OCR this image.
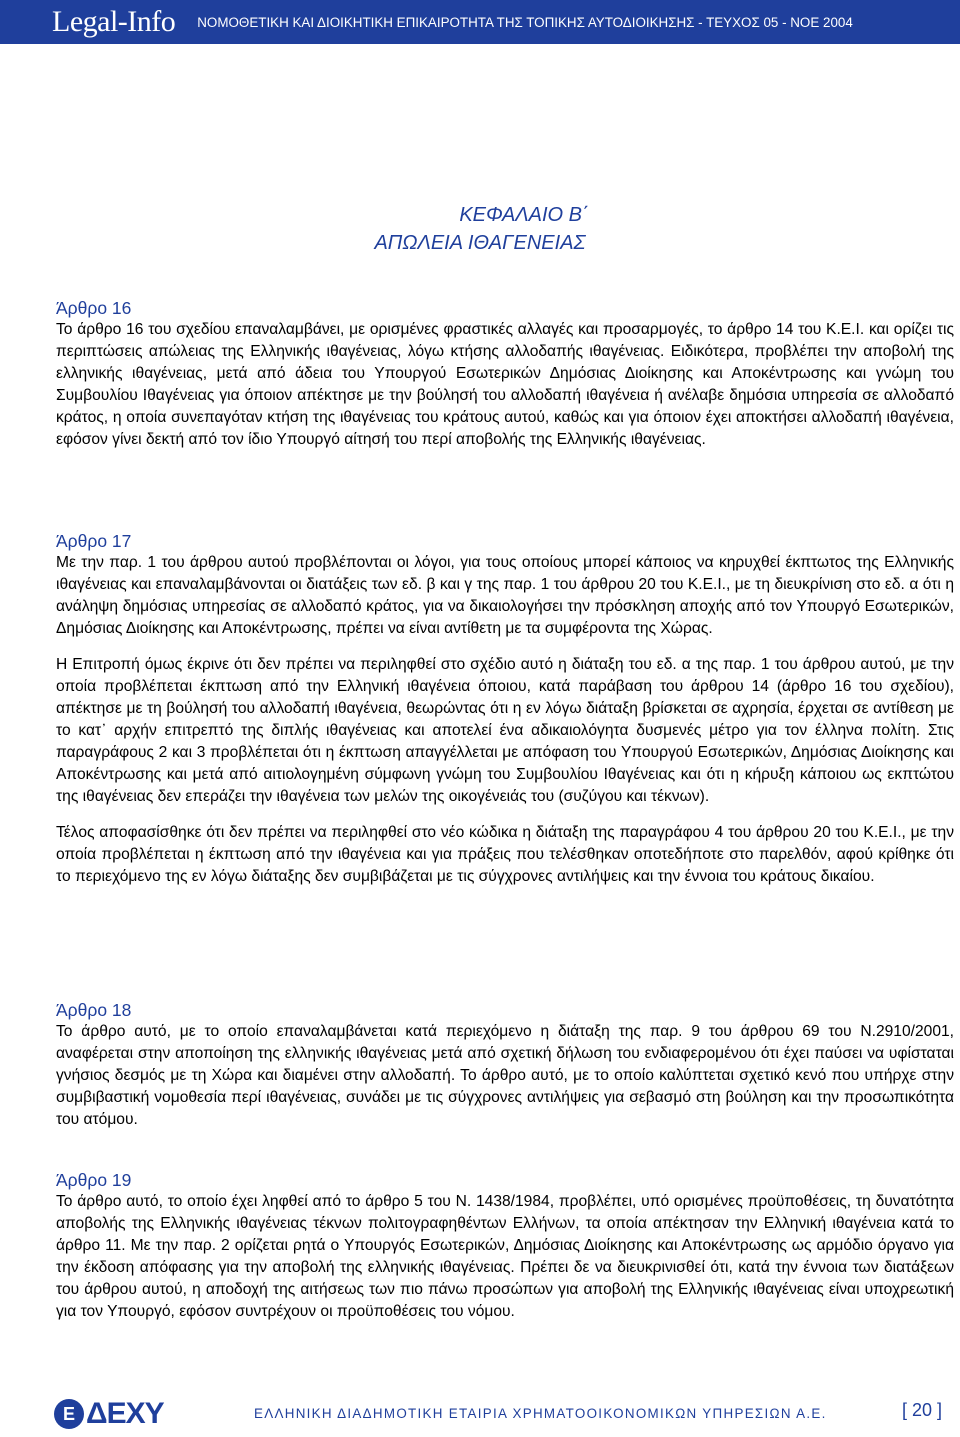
Legal-Info	ΝΟΜΟΘΕΤΙΚΗ ΚΑΙ ΔΙΟΙΚΗΤΙΚΗ ΕΠΙΚΑΙΡΟΤΗΤΑ ΤΗΣ ΤΟΠΙΚΗΣ ΑΥΤΟΔΙΟΙΚΗΣΗΣ - ΤΕΥΧΟΣ 05 - ΝΟΕ 2004
ΚΕΦΑΛΑΙΟ Β΄
ΑΠΩΛΕΙΑ ΙΘΑΓΕΝΕΙΑΣ
Άρθρο 16

Το άρθρο 16 του σχεδίου επαναλαμβάνει, με ορισμένες φραστικές αλλαγές και προσαρμογές, το άρθρο 14 του Κ.Ε.Ι. και ορίζει τις περιπτώσεις απώλειας της Ελληνικής ιθαγένειας, λόγω κτήσης αλλοδαπής ιθαγένειας. Ειδικότερα, προβλέπει την αποβολή της ελληνικής ιθαγένειας, μετά από άδεια του Υπουργού Εσωτερικών Δημόσιας Διοίκησης και Αποκέντρωσης και γνώμη του Συμβουλίου Ιθαγένειας για όποιον απέκτησε με την βούλησή του αλλοδαπή ιθαγένεια ή ανέλαβε δημόσια υπηρεσία σε αλλοδαπό κράτος, η οποία συνεπαγόταν κτήση της ιθαγένειας του κράτους αυτού, καθώς και για όποιον έχει αποκτήσει αλλοδαπή ιθαγένεια, εφόσον γίνει δεκτή από τον ίδιο Υπουργό αίτησή του περί αποβολής της Ελληνικής ιθαγένειας.

Άρθρο 17

Με την παρ. 1 του άρθρου αυτού προβλέπονται οι λόγοι, για τους οποίους μπορεί κάποιος να κηρυχθεί έκπτωτος της Ελληνικής ιθαγένειας και επαναλαμβάνονται οι διατάξεις των εδ. β και γ της παρ. 1 του άρθρου 20 του Κ.Ε.Ι., με τη διευκρίνιση στο εδ. α ότι η ανάληψη δημόσιας υπηρεσίας σε αλλοδαπό κράτος, για να δικαιολογήσει την πρόσκληση αποχής από τον Υπουργό Εσωτερικών, Δημόσιας Διοίκησης και Αποκέντρωσης, πρέπει να είναι αντίθετη με τα συμφέροντα της Χώρας.

Η Επιτροπή όμως έκρινε ότι δεν πρέπει να περιληφθεί στο σχέδιο αυτό η διάταξη του εδ. α της παρ. 1 του άρθρου αυτού, με την οποία προβλέπεται έκπτωση από την Ελληνική ιθαγένεια όποιου, κατά παράβαση του άρθρου 14 (άρθρο 16 του σχεδίου), απέκτησε με τη βούλησή του αλλοδαπή ιθαγένεια, θεωρώντας ότι η εν λόγω διάταξη βρίσκεται σε αχρησία, έρχεται σε αντίθεση με το κατ᾽ αρχήν επιτρεπτό της διπλής ιθαγένειας και αποτελεί ένα αδικαιολόγητα δυσμενές μέτρο για τον έλληνα πολίτη. Στις παραγράφους 2 και 3 προβλέπεται ότι η έκπτωση απαγγέλλεται με απόφαση του Υπουργού Εσωτερικών, Δημόσιας Διοίκησης και Αποκέντρωσης και μετά από αιτιολογημένη σύμφωνη γνώμη του Συμβουλίου Ιθαγένειας και ότι η κήρυξη κάποιου ως εκπτώτου της ιθαγένειας δεν επεράζει την ιθαγένεια των μελών της οικογένειάς του (συζύγου και τέκνων).

Τέλος αποφασίσθηκε ότι δεν πρέπει να περιληφθεί στο νέο κώδικα η διάταξη της παραγράφου 4 του άρθρου 20 του Κ.Ε.Ι., με την οποία προβλέπεται η έκπτωση από την ιθαγένεια και για πράξεις που τελέσθηκαν οποτεδήποτε στο παρελθόν, αφού κρίθηκε ότι το περιεχόμενο της εν λόγω διάταξης δεν συμβιβάζεται με τις σύγχρονες αντιλήψεις και την έννοια του κράτους δικαίου.

Άρθρο 18

Το άρθρο αυτό, με το οποίο επαναλαμβάνεται κατά περιεχόμενο η διάταξη της παρ. 9 του άρθρου 69 του Ν.2910/2001, αναφέρεται στην αποποίηση της ελληνικής ιθαγένειας μετά από σχετική δήλωση του ενδιαφερομένου ότι έχει παύσει να υφίσταται γνήσιος δεσμός με τη Χώρα και διαμένει στην αλλοδαπή. Το άρθρο αυτό, με το οποίο καλύπτεται σχετικό κενό που υπήρχε στην συμβιβαστική νομοθεσία περί ιθαγένειας, συνάδει με τις σύγχρονες αντιλήψεις για σεβασμό στη βούληση και την προσωπικότητα του ατόμου.

Άρθρο 19

Το άρθρο αυτό, το οποίο έχει ληφθεί από το άρθρο 5 του Ν. 1438/1984, προβλέπει, υπό ορισμένες προϋποθέσεις, τη δυνατότητα αποβολής της Ελληνικής ιθαγένειας τέκνων πολιτογραφηθέντων Ελλήνων, τα οποία απέκτησαν την Ελληνική ιθαγένεια κατά το άρθρο 11. Με την παρ. 2 ορίζεται ρητά ο Υπουργός Εσωτερικών, Δημόσιας Διοίκησης και Αποκέντρωσης ως αρμόδιο όργανο για την έκδοση απόφασης για την αποβολή της ελληνικής ιθαγένειας. Πρέπει δε να διευκρινισθεί ότι, κατά την έννοια των διατάξεων του άρθρου αυτού, η αποδοχή της αιτήσεως των πιο πάνω προσώπων για αποβολή της Ελληνικής ιθαγένειας είναι υποχρεωτική για τον Υπουργό, εφόσον συντρέχουν οι προϋποθέσεις του νόμου.

Ε ΔΕΧΥ	ΕΛΛΗΝΙΚΗ ΔΙΑΔΗΜΟΤΙΚΗ ΕΤΑΙΡΙΑ ΧΡΗΜΑΤΟΟΙΚΟΝΟΜΙΚΩΝ ΥΠΗΡΕΣΙΩΝ Α.Ε.	[ 20 ]
